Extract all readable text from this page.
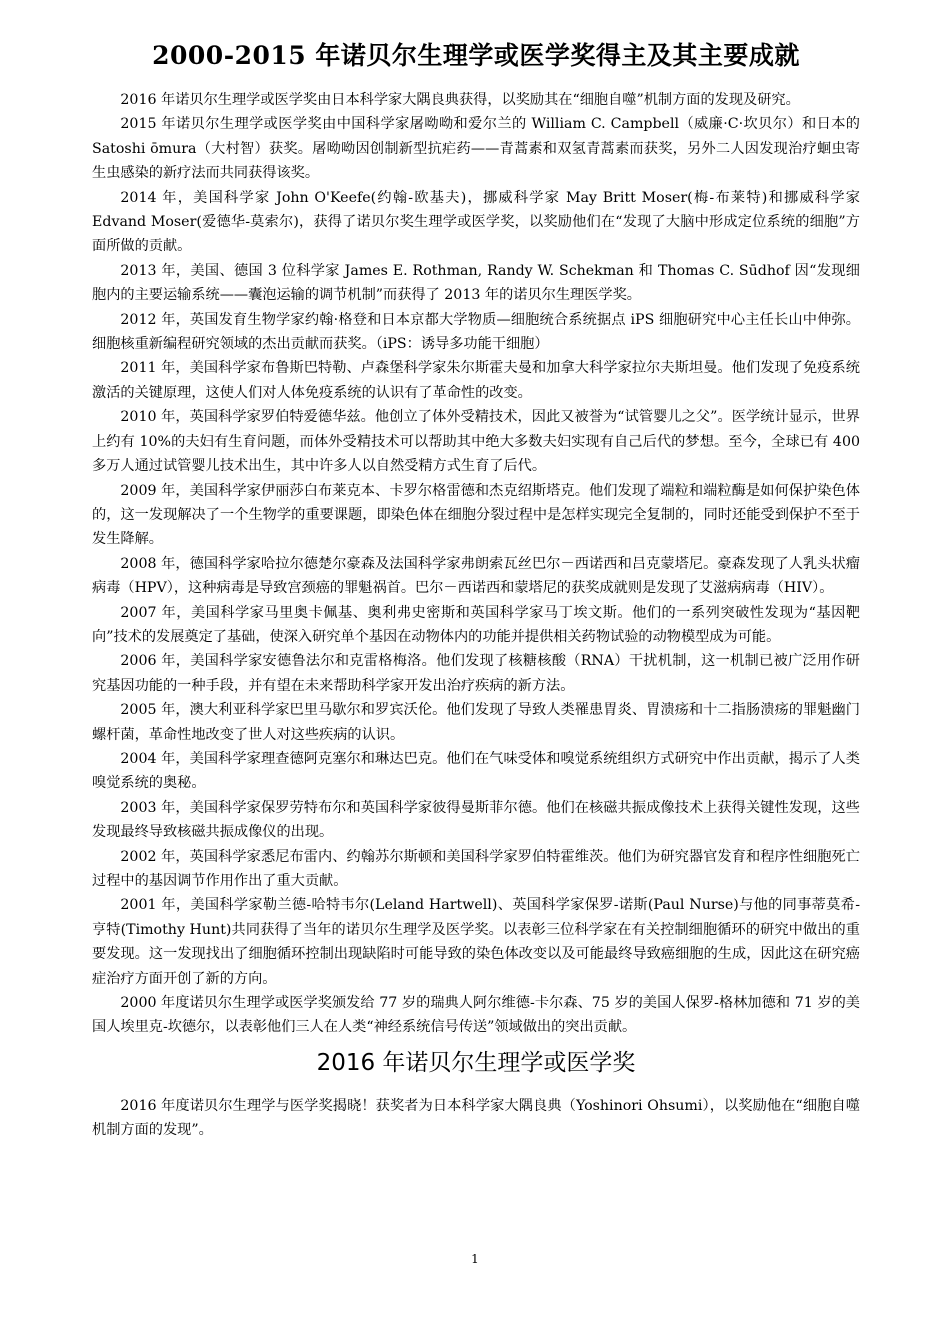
2000-2015 年诺贝尔生理学或医学奖得主及其主要成就

2016 年诺贝尔生理学或医学奖由日本科学家大隅良典获得，以奖励其在“细胞自噬”机制方面的发现及研究。

2015 年诺贝尔生理学或医学奖由中国科学家屠呦呦和爱尔兰的 William C. Campbell（威廉·C·坎贝尔）和日本的 Satoshi ōmura（大村智）获奖。屠呦呦因创制新型抗疟药——青蒿素和双氢青蒿素而获奖，另外二人因发现治疗蛔虫寄生虫感染的新疗法而共同获得该奖。

2014 年，美国科学家 John O'Keefe(约翰-欧基夫)，挪威科学家 May Britt Moser(梅-布莱特)和挪威科学家 Edvand Moser(爱德华-莫索尔)，获得了诺贝尔奖生理学或医学奖，以奖励他们在“发现了大脑中形成定位系统的细胞”方面所做的贡献。

2013 年，美国、德国 3 位科学家 James E. Rothman, Randy W. Schekman 和 Thomas C. Sūdhof 因“发现细胞内的主要运输系统——囊泡运输的调节机制”而获得了 2013 年的诺贝尔生理医学奖。

2012 年，英国发育生物学家约翰·格登和日本京都大学物质—细胞统合系统据点 iPS 细胞研究中心主任长山中伸弥。细胞核重新编程研究领域的杰出贡献而获奖。（iPS：诱导多功能干细胞）

2011 年，美国科学家布鲁斯巴特勒、卢森堡科学家朱尔斯霍夫曼和加拿大科学家拉尔夫斯坦曼。他们发现了免疫系统激活的关键原理，这使人们对人体免疫系统的认识有了革命性的改变。

2010 年，英国科学家罗伯特爱德华兹。他创立了体外受精技术，因此又被誉为“试管婴儿之父”。医学统计显示，世界上约有 10%的夫妇有生育问题，而体外受精技术可以帮助其中绝大多数夫妇实现有自己后代的梦想。至今，全球已有 400 多万人通过试管婴儿技术出生，其中许多人以自然受精方式生育了后代。

2009 年，美国科学家伊丽莎白布莱克本、卡罗尔格雷德和杰克绍斯塔克。他们发现了端粒和端粒酶是如何保护染色体的，这一发现解决了一个生物学的重要课题，即染色体在细胞分裂过程中是怎样实现完全复制的，同时还能受到保护不至于发生降解。

2008 年，德国科学家哈拉尔德楚尔豪森及法国科学家弗朗索瓦丝巴尔－西诺西和吕克蒙塔尼。豪森发现了人乳头状瘤病毒（HPV），这种病毒是导致宫颈癌的罪魁祸首。巴尔－西诺西和蒙塔尼的获奖成就则是发现了艾滋病病毒（HIV）。

2007 年，美国科学家马里奥卡佩基、奥利弗史密斯和英国科学家马丁埃文斯。他们的一系列突破性发现为“基因靶向”技术的发展奠定了基础，使深入研究单个基因在动物体内的功能并提供相关药物试验的动物模型成为可能。

2006 年，美国科学家安德鲁法尔和克雷格梅洛。他们发现了核糖核酸（RNA）干扰机制，这一机制已被广泛用作研究基因功能的一种手段，并有望在未来帮助科学家开发出治疗疾病的新方法。

2005 年，澳大利亚科学家巴里马歇尔和罗宾沃伦。他们发现了导致人类罹患胃炎、胃溃疡和十二指肠溃疡的罪魁幽门螺杆菌，革命性地改变了世人对这些疾病的认识。

2004 年，美国科学家理查德阿克塞尔和琳达巴克。他们在气味受体和嗅觉系统组织方式研究中作出贡献，揭示了人类嗅觉系统的奥秘。

2003 年，美国科学家保罗劳特布尔和英国科学家彼得曼斯菲尔德。他们在核磁共振成像技术上获得关键性发现，这些发现最终导致核磁共振成像仪的出现。

2002 年，英国科学家悉尼布雷内、约翰苏尔斯顿和美国科学家罗伯特霍维茨。他们为研究器官发育和程序性细胞死亡过程中的基因调节作用作出了重大贡献。

2001 年，美国科学家勒兰德-哈特韦尔(Leland Hartwell)、英国科学家保罗-诺斯(Paul Nurse)与他的同事蒂莫希-亨特(Timothy Hunt)共同获得了当年的诺贝尔生理学及医学奖。以表彰三位科学家在有关控制细胞循环的研究中做出的重要发现。这一发现找出了细胞循环控制出现缺陷时可能导致的染色体改变以及可能最终导致癌细胞的生成，因此这在研究癌症治疗方面开创了新的方向。

2000 年度诺贝尔生理学或医学奖颁发给 77 岁的瑞典人阿尔维德-卡尔森、75 岁的美国人保罗-格林加德和 71 岁的美国人埃里克-坎德尔，以表彰他们三人在人类“神经系统信号传送”领域做出的突出贡献。

2016 年诺贝尔生理学或医学奖

2016 年度诺贝尔生理学与医学奖揭晓！获奖者为日本科学家大隅良典（Yoshinori Ohsumi），以奖励他在“细胞自噬机制方面的发现”。

1
